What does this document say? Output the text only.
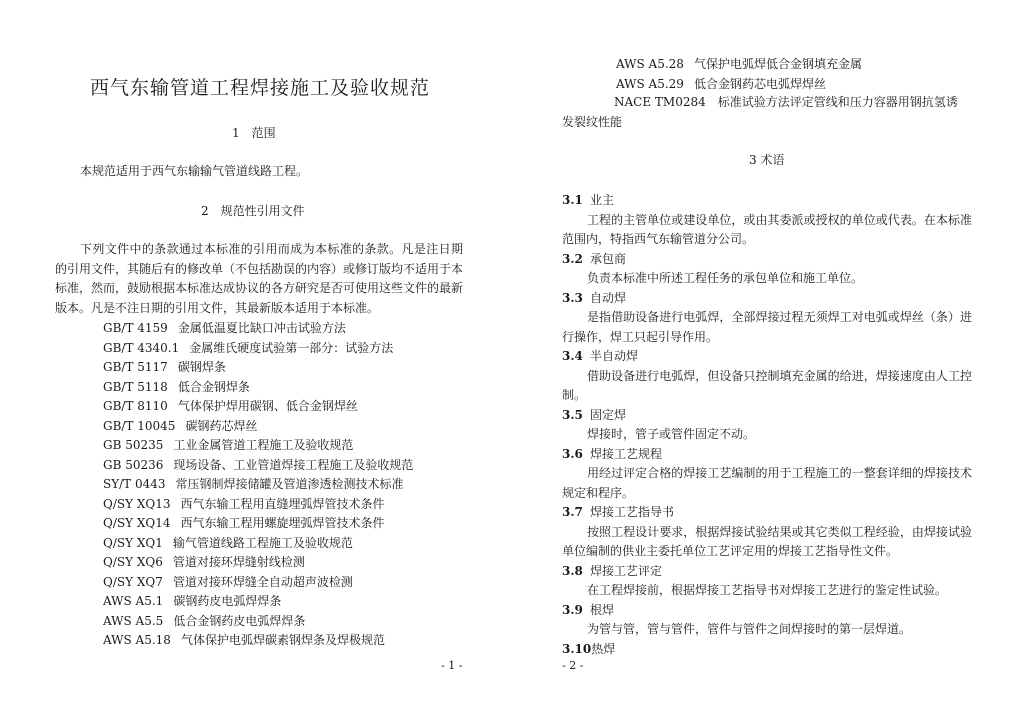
西气东输管道工程焊接施工及验收规范
1　范围
本规范适用于西气东输输气管道线路工程。
2　规范性引用文件
下列文件中的条款通过本标准的引用而成为本标准的条款。凡是注日期的引用文件，其随后有的修改单（不包括勘误的内容）或修订版均不适用于本标准，然而，鼓励根据本标准达成协议的各方研究是否可使用这些文件的最新版本。凡是不注日期的引用文件，其最新版本适用于本标准。
GB/T 4159 金属低温夏比缺口冲击试验方法
GB/T 4340.1 金属维氏硬度试验第一部分：试验方法
GB/T 5117 碳钢焊条
GB/T 5118 低合金钢焊条
GB/T 8110 气体保护焊用碳钢、低合金钢焊丝
GB/T 10045 碳钢药芯焊丝
GB 50235 工业金属管道工程施工及验收规范
GB 50236 现场设备、工业管道焊接工程施工及验收规范
SY/T 0443 常压钢制焊接储罐及管道渗透检测技术标准
Q/SY XQ13 西气东输工程用直缝埋弧焊管技术条件
Q/SY XQ14 西气东输工程用螺旋埋弧焊管技术条件
Q/SY XQ1 输气管道线路工程施工及验收规范
Q/SY XQ6 管道对接环焊缝射线检测
Q/SY XQ7 管道对接环焊缝全自动超声波检测
AWS A5.1 碳钢药皮电弧焊焊条
AWS A5.5 低合金钢药皮电弧焊焊条
AWS A5.18 气体保护电弧焊碳素钢焊条及焊极规范
- 1 -
AWS A5.28 气保护电弧焊低合金钢填充金属
AWS A5.29 低合金钢药芯电弧焊焊丝
NACE TM0284　标准试验方法评定管线和压力容器用钢抗氢诱
发裂纹性能
3 术语
3.1 业主

工程的主管单位或建设单位，或由其委派或授权的单位或代表。在本标准范围内，特指西气东输管道分公司。

3.2 承包商

负责本标准中所述工程任务的承包单位和施工单位。

3.3 自动焊

是指借助设备进行电弧焊，全部焊接过程无须焊工对电弧或焊丝（条）进行操作，焊工只起引导作用。

3.4 半自动焊

借助设备进行电弧焊，但设备只控制填充金属的给进，焊接速度由人工控制。

3.5 固定焊

焊接时，管子或管件固定不动。

3.6 焊接工艺规程

用经过评定合格的焊接工艺编制的用于工程施工的一整套详细的焊接技术规定和程序。

3.7 焊接工艺指导书

按照工程设计要求，根据焊接试验结果或其它类似工程经验，由焊接试验单位编制的供业主委托单位工艺评定用的焊接工艺指导性文件。

3.8 焊接工艺评定

在工程焊接前，根据焊接工艺指导书对焊接工艺进行的鉴定性试验。

3.9 根焊

为管与管，管与管件，管件与管件之间焊接时的第一层焊道。

3.10热焊
- 2 -
